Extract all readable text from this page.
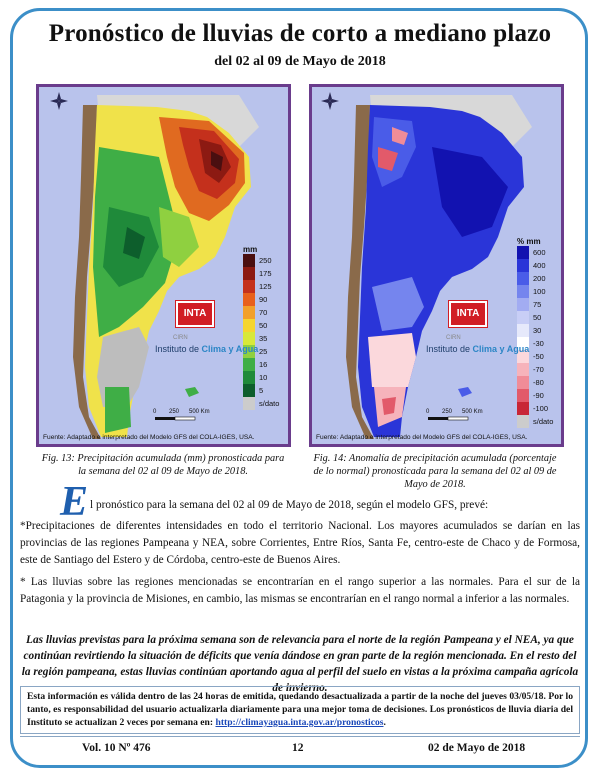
Pronóstico de lluvias de corto a mediano plazo
del 02 al 09 de Mayo de 2018
mm
250
175
125
90
70
50
35
25
16
10
5
s/dato
INTA
CIRN
Instituto de Clima y Agua
0 250 500 Km
Fuente: Adaptado e interpretado del Modelo GFS del COLA-IGES, USA.
% mm
600
400
200
100
75
50
30
-30
-50
-70
-80
-90
-100
s/dato
INTA
CIRN
Instituto de Clima y Agua
0 250 500 Km
Fuente: Adaptado e interpretado del Modelo GFS del COLA-IGES, USA.
Fig. 13: Precipitación acumulada (mm) pronosticada para la semana del 02 al 09 de Mayo de 2018.
Fig. 14: Anomalía de precipitación acumulada (porcentaje de lo normal) pronosticada para la semana del 02 al 09 de Mayo de 2018.
E l pronóstico para la semana del 02 al 09 de Mayo de 2018, según el modelo GFS, prevé:
*Precipitaciones de diferentes intensidades en todo el territorio Nacional. Los mayores acumulados se darían en las provincias de las regiones Pampeana y NEA, sobre Corrientes, Entre Ríos, Santa Fe, centro-este de Chaco y de Formosa, este de Santiago del Estero y de Córdoba, centro-este de Buenos Aires.
* Las lluvias sobre las regiones mencionadas se encontrarían en el rango superior a las normales. Para el sur de la Patagonia y la provincia de Misiones, en cambio, las mismas se encontrarían en el rango normal a inferior a las normales.
Las lluvias previstas para la próxima semana son de relevancia para el norte de la región Pampeana y el NEA, ya que continúan revirtiendo la situación de déficits que venía dándose en gran parte de la región mencionada. En el resto del la región pampeana, estas lluvias continúan aportando agua al perfil del suelo en vistas a la próxima campaña agrícola de invierno.
Esta información es válida dentro de las 24 horas de emitida, quedando desactualizada a partir de la noche del jueves 03/05/18. Por lo tanto, es responsabilidad del usuario actualizarla diariamente para una mejor toma de decisiones. Los pronósticos de lluvia diaria del Instituto se actualizan 2 veces por semana en: http://climayagua.inta.gov.ar/pronosticos.
Vol. 10 Nº 476	12	02 de Mayo de 2018
